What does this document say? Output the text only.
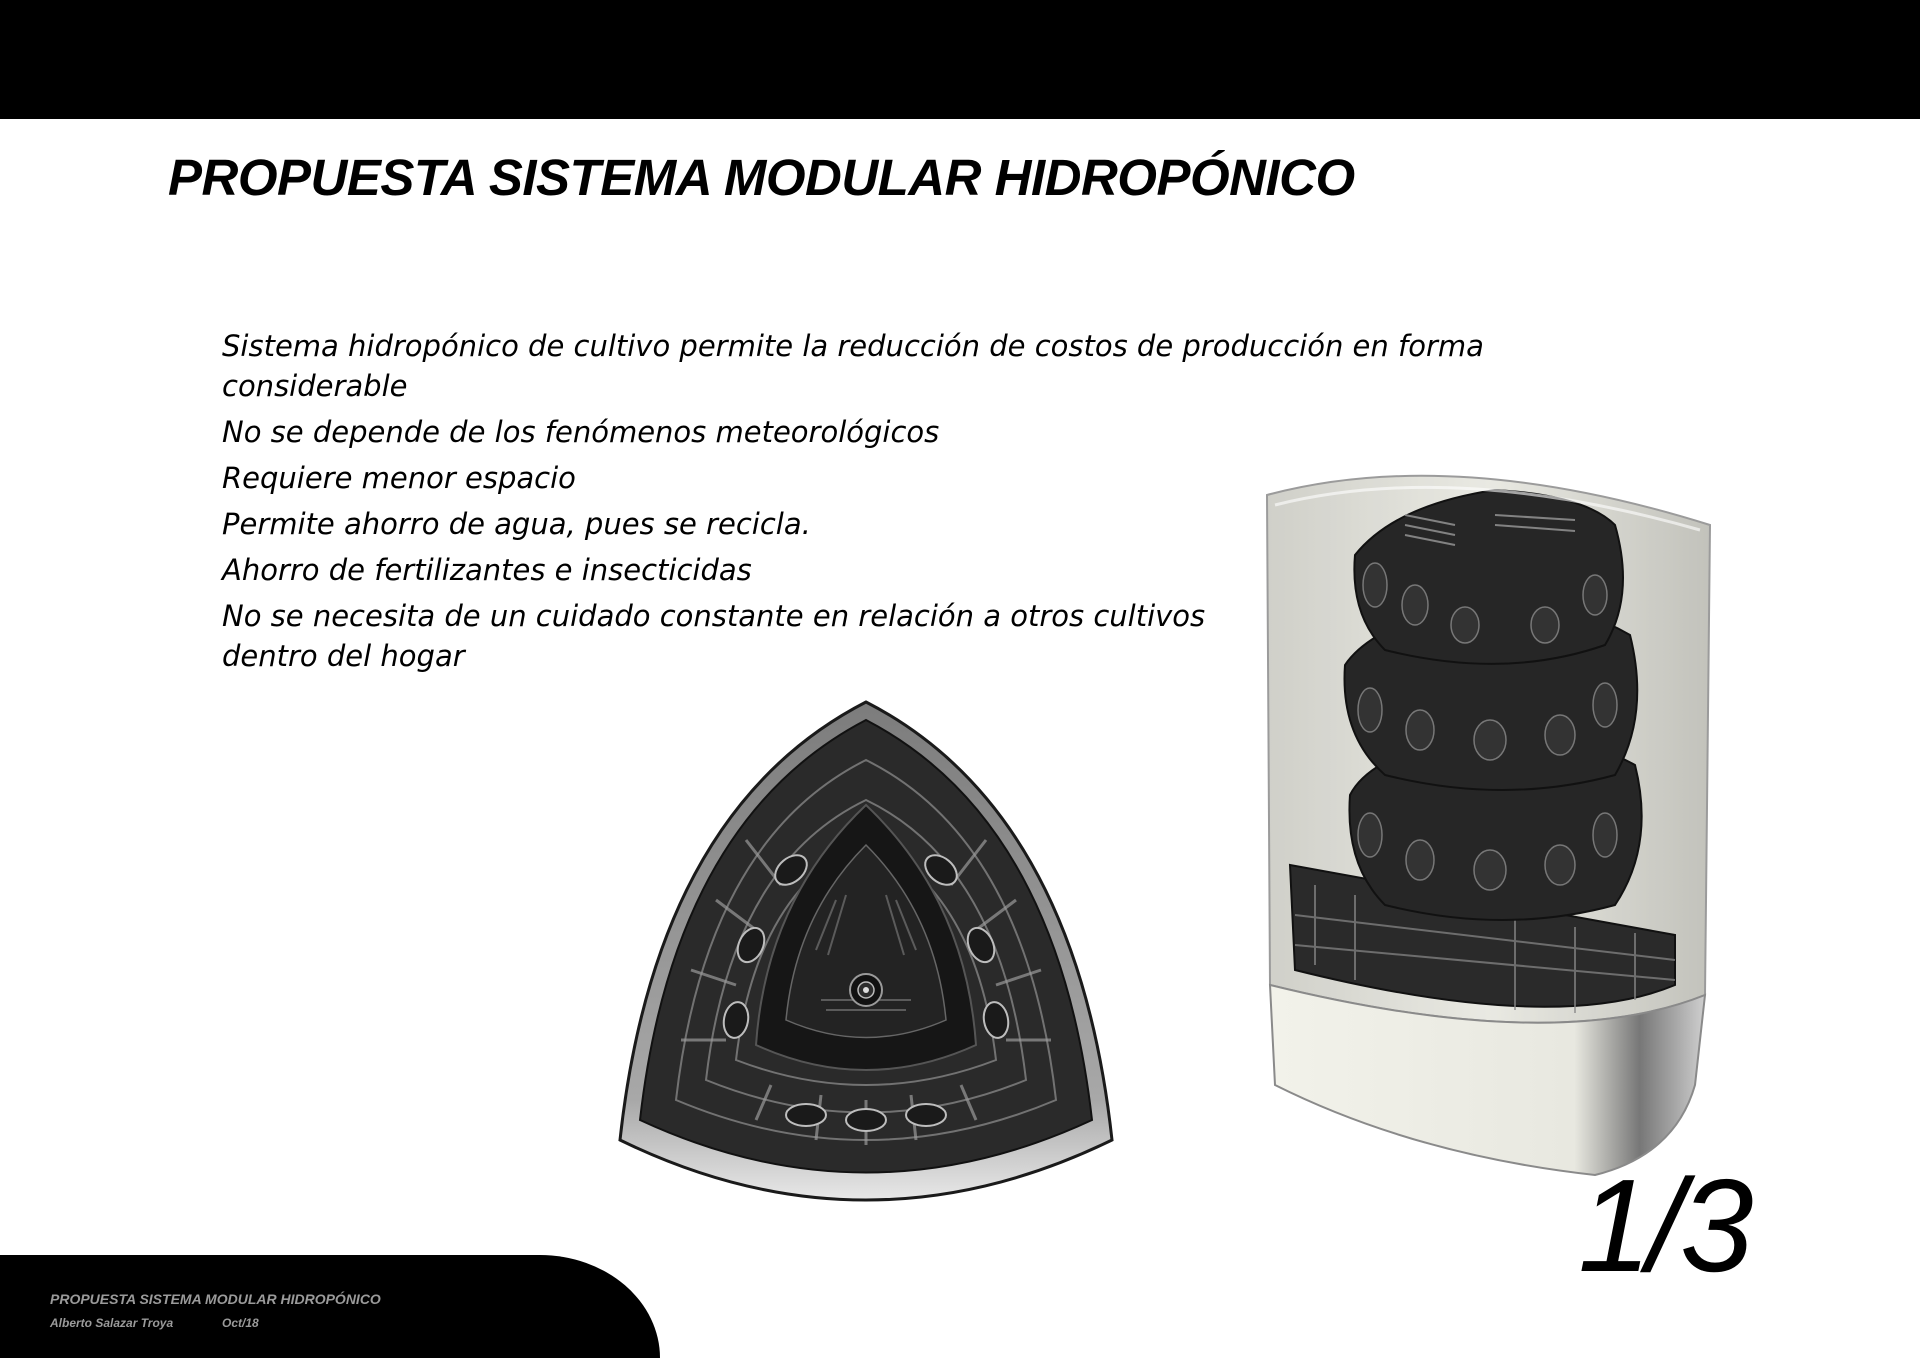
PROPUESTA SISTEMA MODULAR HIDROPÓNICO
Sistema hidropónico de cultivo permite la reducción de costos de producción en forma considerable
No se depende de los fenómenos meteorológicos
Requiere menor espacio
Permite ahorro de agua, pues se recicla.
Ahorro de fertilizantes e insecticidas
No se necesita de un cuidado constante en relación a otros cultivos dentro del hogar
1/3

PROPUESTA SISTEMA MODULAR HIDROPÓNICO

Alberto Salazar Troya	Oct/18
